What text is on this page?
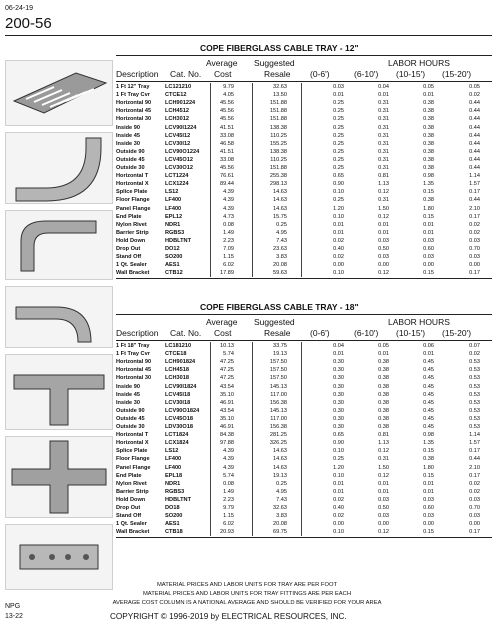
06-24-19
200-56
COPE FIBERGLASS CABLE TRAY - 12"
Average Suggested	LABOR HOURS
Description Cat. No. Cost	Resale (0-6')	(6-10') (10-15') (15-20')
1 Ft 12" Tray	LC121210	9.79	32.63	0.03	0.04	0.05	0.05
1 Ft Tray Cvr	CTCE12	4.05	13.50	0.01	0.01	0.01	0.02
Horizontal 90 LCH901224	45.56	151.88	0.25	0.31	0.38	0.44
Horizontal 45 LCH4512	45.56	151.88	0.25	0.31	0.38	0.44
Horizontal 30 LCH3012	45.56	151.88	0.25	0.31	0.38	0.44
Inside 90	LCV90I1224	41.51	138.38	0.25	0.31	0.38	0.44
Inside 45	LCV45I12	33.08	110.25	0.25	0.31	0.38	0.44
Inside 30	LCV30I12	46.58	155.25	0.25	0.31	0.38	0.44
Outside 90	LCV90O1224	41.51	138.38	0.25	0.31	0.38	0.44
Outside 45	LCV45O12	33.08	110.25	0.25	0.31	0.38	0.44
Outside 30	LCV30O12	45.56	151.88	0.25	0.31	0.38	0.44
Horizontal T	LCT1224	76.61	255.38	0.65	0.81	0.98	1.14
Horizontal X	LCX1224	89.44	298.13	0.90	1.13	1.35	1.57
Splice Plate	LS12	4.39	14.63	0.10	0.12	0.15	0.17
Floor Flange	LF400	4.39	14.63	0.25	0.31	0.38	0.44
Panel Flange	LF400	4.39	14.63	1.20	1.50	1.80	2.10
End Plate	EPL12	4.73	15.75	0.10	0.12	0.15	0.17
Nylon Rivet	NDR1	0.08	0.25	0.01	0.01	0.01	0.02
Barrier Strip	RGBS3	1.49	4.95	0.01	0.01	0.01	0.02
Hold Down	HDBLTNT	2.23	7.43	0.02	0.03	0.03	0.03
Drop Out	DO12	7.09	23.63	0.40	0.50	0.60	0.70
Stand Off	SO200	1.15	3.83	0.02	0.03	0.03	0.03
1 Qt. Sealer	AES1	6.02	20.08	0.00	0.00	0.00	0.00
Wall Bracket	CTB12	17.89	59.63	0.10	0.12	0.15	0.17
COPE FIBERGLASS CABLE TRAY - 18"
Average Suggested	LABOR HOURS
Description Cat. No. Cost	Resale (0-6')	(6-10') (10-15') (15-20')
1 Ft 18" Tray	LC181210	10.13	33.75	0.04	0.05	0.06	0.07
1 Ft Tray Cvr	CTCE18	5.74	19.13	0.01	0.01	0.01	0.02
Horizontal 90 LCH901824	47.25	157.50	0.30	0.38	0.45	0.53
Horizontal 45 LCH4518	47.25	157.50	0.30	0.38	0.45	0.53
Horizontal 30 LCH3018	47.25	157.50	0.30	0.38	0.45	0.53
Inside 90	LCV90I1824	43.54	145.13	0.30	0.38	0.45	0.53
Inside 45	LCV45I18	35.10	117.00	0.30	0.38	0.45	0.53
Inside 30	LCV30I18	46.91	156.38	0.30	0.38	0.45	0.53
Outside 90	LCV90O1824	43.54	145.13	0.30	0.38	0.45	0.53
Outside 45	LCV45O18	35.10	117.00	0.30	0.38	0.45	0.53
Outside 30	LDV30O18	46.91	156.38	0.30	0.38	0.45	0.53
Horizontal T	LCT1824	84.38	281.25	0.65	0.81	0.98	1.14
Horizontal X	LCX1824	97.88	326.25	0.90	1.13	1.35	1.57
Splice Plate	LS12	4.39	14.63	0.10	0.12	0.15	0.17
Floor Flange	LF400	4.39	14.63	0.25	0.31	0.38	0.44
Panel Flange	LF400	4.39	14.63	1.20	1.50	1.80	2.10
End Plate	EPL18	5.74	19.13	0.10	0.12	0.15	0.17
Nylon Rivet	NDR1	0.08	0.25	0.01	0.01	0.01	0.02
Barrier Strip	RGBS3	1.49	4.95	0.01	0.01	0.01	0.02
Hold Down	HDBLTNT	2.23	7.43	0.02	0.03	0.03	0.03
Drop Out	DO18	9.79	32.63	0.40	0.50	0.60	0.70
Stand Off	SO200	1.15	3.83	0.02	0.03	0.03	0.03
1 Qt. Sealer	AES1	6.02	20.08	0.00	0.00	0.00	0.00
Wall Bracket	CTB18	20.93	69.75	0.10	0.12	0.15	0.17
MATERIAL PRICES AND LABOR UNITS FOR TRAY ARE PER FOOT
MATERIAL PRICES AND LABOR UNITS FOR TRAY FITTINGS ARE PER EACH
AVERAGE COST COLUMN IS A NATIONAL AVERAGE AND SHOULD BE VERIFIED FOR YOUR AREA
NPG
13-22	COPYRIGHT © 1996-2019 by ELECTRICAL RESOURCES, INC.
